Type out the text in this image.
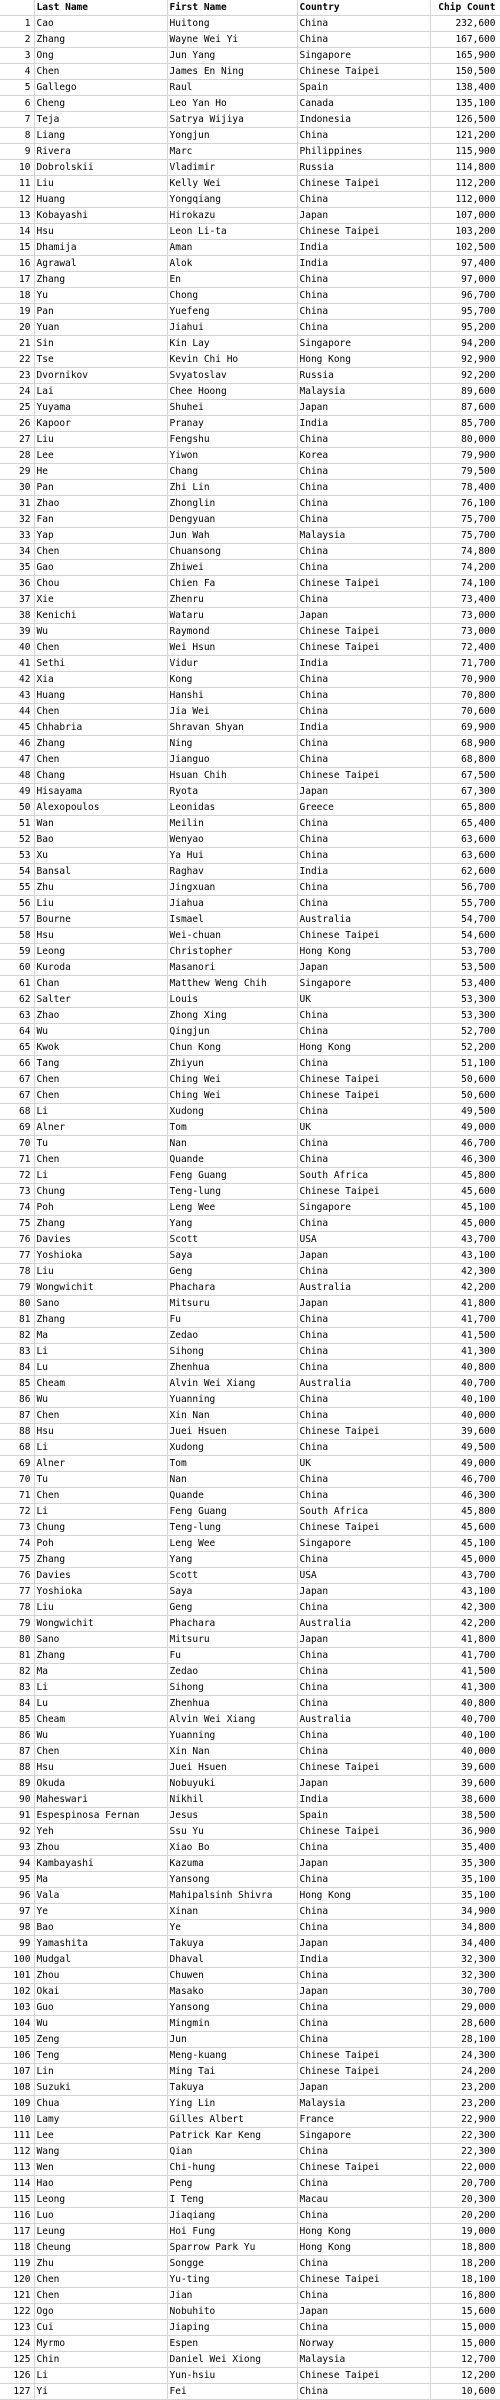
	Last Name	First Name	Country	Chip Count
1	Cao	Huitong	China	232,600
2	Zhang	Wayne Wei Yi	China	167,600
3	Ong	Jun Yang	Singapore	165,900
4	Chen	James En Ning	Chinese Taipei	150,500
5	Gallego	Raul	Spain	138,400
6	Cheng	Leo Yan Ho	Canada	135,100
7	Teja	Satrya Wijiya	Indonesia	126,500
8	Liang	Yongjun	China	121,200
9	Rivera	Marc	Philippines	115,900
10	Dobrolskii	Vladimir	Russia	114,800
11	Liu	Kelly Wei	Chinese Taipei	112,200
12	Huang	Yongqiang	China	112,000
13	Kobayashi	Hirokazu	Japan	107,000
14	Hsu	Leon Li-ta	Chinese Taipei	103,200
15	Dhamija	Aman	India	102,500
16	Agrawal	Alok	India	97,400
17	Zhang	En	China	97,000
18	Yu	Chong	China	96,700
19	Pan	Yuefeng	China	95,700
20	Yuan	Jiahui	China	95,200
21	Sin	Kin Lay	Singapore	94,200
22	Tse	Kevin Chi Ho	Hong Kong	92,900
23	Dvornikov	Svyatoslav	Russia	92,200
24	Lai	Chee Hoong	Malaysia	89,600
25	Yuyama	Shuhei	Japan	87,600
26	Kapoor	Pranay	India	85,700
27	Liu	Fengshu	China	80,000
28	Lee	Yiwon	Korea	79,900
29	He	Chang	China	79,500
30	Pan	Zhi Lin	China	78,400
31	Zhao	Zhonglin	China	76,100
32	Fan	Dengyuan	China	75,700
33	Yap	Jun Wah	Malaysia	75,700
34	Chen	Chuansong	China	74,800
35	Gao	Zhiwei	China	74,200
36	Chou	Chien Fa	Chinese Taipei	74,100
37	Xie	Zhenru	China	73,400
38	Kenichi	Wataru	Japan	73,000
39	Wu	Raymond	Chinese Taipei	73,000
40	Chen	Wei Hsun	Chinese Taipei	72,400
41	Sethi	Vidur	India	71,700
42	Xia	Kong	China	70,900
43	Huang	Hanshi	China	70,800
44	Chen	Jia Wei	China	70,600
45	Chhabria	Shravan Shyan	India	69,900
46	Zhang	Ning	China	68,900
47	Chen	Jianguo	China	68,800
48	Chang	Hsuan Chih	Chinese Taipei	67,500
49	Hisayama	Ryota	Japan	67,300
50	Alexopoulos	Leonidas	Greece	65,800
51	Wan	Meilin	China	65,400
52	Bao	Wenyao	China	63,600
53	Xu	Ya Hui	China	63,600
54	Bansal	Raghav	India	62,600
55	Zhu	Jingxuan	China	56,700
56	Liu	Jiahua	China	55,700
57	Bourne	Ismael	Australia	54,700
58	Hsu	Wei-chuan	Chinese Taipei	54,600
59	Leong	Christopher	Hong Kong	53,700
60	Kuroda	Masanori	Japan	53,500
61	Chan	Matthew Weng Chih	Singapore	53,400
62	Salter	Louis	UK	53,300
63	Zhao	Zhong Xing	China	53,300
64	Wu	Qingjun	China	52,700
65	Kwok	Chun Kong	Hong Kong	52,200
66	Tang	Zhiyun	China	51,100
67	Chen	Ching Wei	Chinese Taipei	50,600
67	Chen	Ching Wei	Chinese Taipei	50,600
68	Li	Xudong	China	49,500
69	Alner	Tom	UK	49,000
70	Tu	Nan	China	46,700
71	Chen	Quande	China	46,300
72	Li	Feng Guang	South Africa	45,800
73	Chung	Teng-lung	Chinese Taipei	45,600
74	Poh	Leng Wee	Singapore	45,100
75	Zhang	Yang	China	45,000
76	Davies	Scott	USA	43,700
77	Yoshioka	Saya	Japan	43,100
78	Liu	Geng	China	42,300
79	Wongwichit	Phachara	Australia	42,200
80	Sano	Mitsuru	Japan	41,800
81	Zhang	Fu	China	41,700
82	Ma	Zedao	China	41,500
83	Li	Sihong	China	41,300
84	Lu	Zhenhua	China	40,800
85	Cheam	Alvin Wei Xiang	Australia	40,700
86	Wu	Yuanning	China	40,100
87	Chen	Xin Nan	China	40,000
88	Hsu	Juei Hsuen	Chinese Taipei	39,600
68	Li	Xudong	China	49,500
69	Alner	Tom	UK	49,000
70	Tu	Nan	China	46,700
71	Chen	Quande	China	46,300
72	Li	Feng Guang	South Africa	45,800
73	Chung	Teng-lung	Chinese Taipei	45,600
74	Poh	Leng Wee	Singapore	45,100
75	Zhang	Yang	China	45,000
76	Davies	Scott	USA	43,700
77	Yoshioka	Saya	Japan	43,100
78	Liu	Geng	China	42,300
79	Wongwichit	Phachara	Australia	42,200
80	Sano	Mitsuru	Japan	41,800
81	Zhang	Fu	China	41,700
82	Ma	Zedao	China	41,500
83	Li	Sihong	China	41,300
84	Lu	Zhenhua	China	40,800
85	Cheam	Alvin Wei Xiang	Australia	40,700
86	Wu	Yuanning	China	40,100
87	Chen	Xin Nan	China	40,000
88	Hsu	Juei Hsuen	Chinese Taipei	39,600
89	Okuda	Nobuyuki	Japan	39,600
90	Maheswari	Nikhil	India	38,600
91	Espespinosa Fernan	Jesus	Spain	38,500
92	Yeh	Ssu Yu	Chinese Taipei	36,900
93	Zhou	Xiao Bo	China	35,400
94	Kambayashi	Kazuma	Japan	35,300
95	Ma	Yansong	China	35,100
96	Vala	Mahipalsinh Shivra	Hong Kong	35,100
97	Ye	Xinan	China	34,900
98	Bao	Ye	China	34,800
99	Yamashita	Takuya	Japan	34,400
100	Mudgal	Dhaval	India	32,300
101	Zhou	Chuwen	China	32,300
102	Okai	Masako	Japan	30,700
103	Guo	Yansong	China	29,000
104	Wu	Mingmin	China	28,600
105	Zeng	Jun	China	28,100
106	Teng	Meng-kuang	Chinese Taipei	24,300
107	Lin	Ming Tai	Chinese Taipei	24,200
108	Suzuki	Takuya	Japan	23,200
109	Chua	Ying Lin	Malaysia	23,200
110	Lamy	Gilles Albert	France	22,900
111	Lee	Patrick Kar Keng	Singapore	22,300
112	Wang	Qian	China	22,300
113	Wen	Chi-hung	Chinese Taipei	22,000
114	Hao	Peng	China	20,700
115	Leong	I Teng	Macau	20,300
116	Luo	Jiaqiang	China	20,200
117	Leung	Hoi Fung	Hong Kong	19,000
118	Cheung	Sparrow Park Yu	Hong Kong	18,800
119	Zhu	Songge	China	18,200
120	Chen	Yu-ting	Chinese Taipei	18,100
121	Chen	Jian	China	16,800
122	Ogo	Nobuhito	Japan	15,600
123	Cui	Jiaping	China	15,000
124	Myrmo	Espen	Norway	15,000
125	Chin	Daniel Wei Xiong	Malaysia	12,700
126	Li	Yun-hsiu	Chinese Taipei	12,200
127	Yi	Fei	China	10,600
